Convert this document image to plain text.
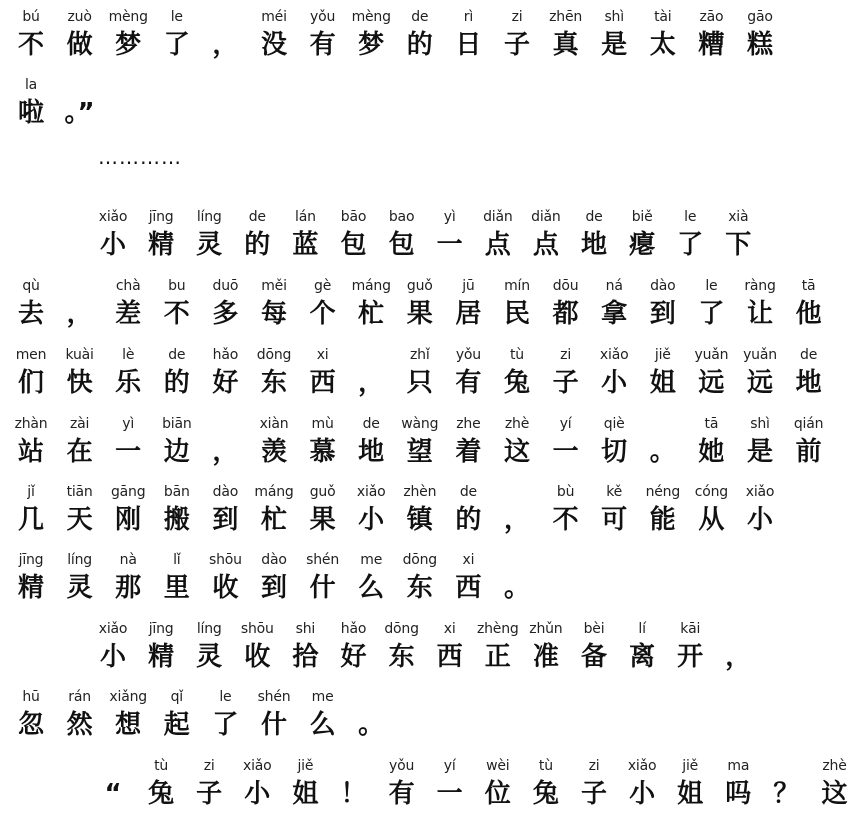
bú
不
zuò
做
mèng
梦
le
了 ，
méi
没
yǒu
有
mèng
梦
de
的
rì
日
zi
子
zhēn
真
shì
是
tài
太
zāo
糟
gāo
糕
la
啦 。”
xiǎo
小
jīng
精
líng
灵
de
的
lán
蓝
bāo
包
bao
包
yì
一
diǎn
点
diǎn
点
de
地
biě
瘪
le
了
xià
下
qù
去 ，
chà
差
bu
不
duō
多
měi
每
gè
个
máng
杧
guǒ
果
jū
居
mín
民
dōu
都
ná
拿
dào
到
le
了
ràng
让
tā
他
men
们
kuài
快
lè
乐
de
的
hǎo
好
dōng
东
xi
西 ，
zhǐ
只
yǒu
有
tù
兔
zi
子
xiǎo
小
jiě
姐
yuǎn
远
yuǎn
远
de
地
zhàn
站
zài
在
yì
一
biān
边 ，
xiàn
羡
mù
慕
de
地
wàng
望
zhe
着
zhè
这
yí
一
qiè
切 。
tā
她
shì
是
qián
前
jǐ
几
tiān
天
gāng
刚
bān
搬
dào
到
máng
杧
guǒ
果
xiǎo
小
zhèn
镇
de
的 ，
bù
不
kě
可
néng
能
cóng
从
xiǎo
小
jīng
精
líng
灵
nà
那
lǐ
里
shōu
收
dào
到
shén
什
me
么
dōng
东
xi
西 。
xiǎo
小
jīng
精
líng
灵
shōu
收
shi
拾
hǎo
好
dōng
东
xi
西
zhèng
正
zhǔn
准
bèi
备
lí
离
kāi
开 ，
hū
忽
rán
然
xiǎng
想
qǐ
起
le
了
shén
什
me
么 。
“
tù
兔
zi
子
xiǎo
小
jiě
姐 ！
yǒu
有
yí
一
wèi
位
tù
兔
zi
子
xiǎo
小
jiě
姐
ma
吗 ？
zhè
这
…………
